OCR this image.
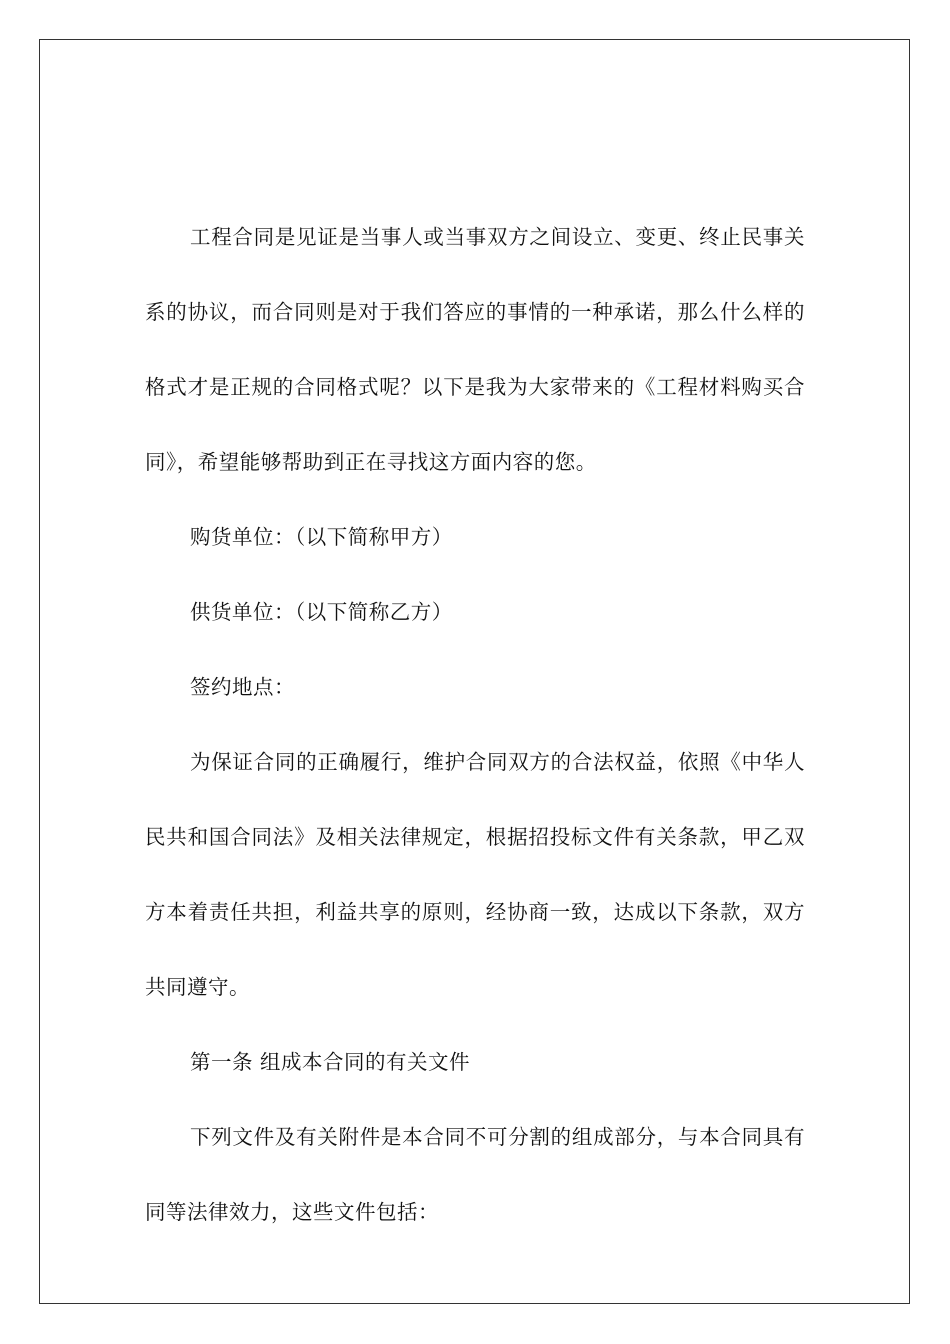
工程合同是见证是当事人或当事双方之间设立、变更、终止民事关系的协议，而合同则是对于我们答应的事情的一种承诺，那么什么样的格式才是正规的合同格式呢？以下是我为大家带来的《工程材料购买合同》，希望能够帮助到正在寻找这方面内容的您。

购货单位：（以下简称甲方）

供货单位：（以下简称乙方）

签约地点：

为保证合同的正确履行，维护合同双方的合法权益，依照《中华人民共和国合同法》及相关法律规定，根据招投标文件有关条款，甲乙双方本着责任共担，利益共享的原则，经协商一致，达成以下条款，双方共同遵守。

第一条 组成本合同的有关文件

下列文件及有关附件是本合同不可分割的组成部分，与本合同具有同等法律效力，这些文件包括：
